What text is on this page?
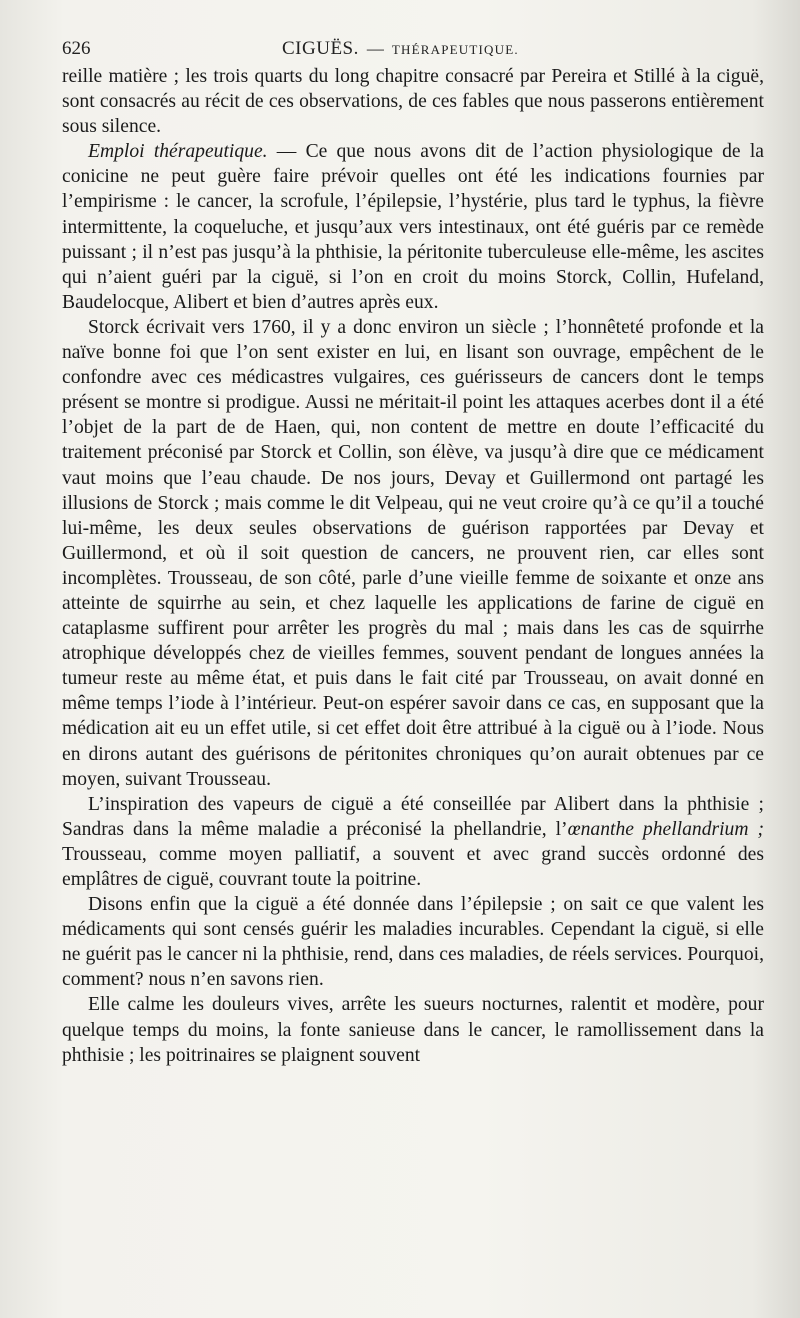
626	CIGUËS. — THÉRAPEUTIQUE.

reille matière ; les trois quarts du long chapitre consacré par Pereira et Stillé à la ciguë, sont consacrés au récit de ces observations, de ces fables que nous passerons entièrement sous silence.

Emploi thérapeutique. — Ce que nous avons dit de l’action physiologique de la conicine ne peut guère faire prévoir quelles ont été les indications fournies par l’empirisme : le cancer, la scrofule, l’épilepsie, l’hystérie, plus tard le typhus, la fièvre intermittente, la coqueluche, et jusqu’aux vers intestinaux, ont été guéris par ce remède puissant ; il n’est pas jusqu’à la phthisie, la péritonite tuberculeuse elle-même, les ascites qui n’aient guéri par la ciguë, si l’on en croit du moins Storck, Collin, Hufeland, Baudelocque, Alibert et bien d’autres après eux.

Storck écrivait vers 1760, il y a donc environ un siècle ; l’honnêteté profonde et la naïve bonne foi que l’on sent exister en lui, en lisant son ouvrage, empêchent de le confondre avec ces médicastres vulgaires, ces guérisseurs de cancers dont le temps présent se montre si prodigue. Aussi ne méritait-il point les attaques acerbes dont il a été l’objet de la part de de Haen, qui, non content de mettre en doute l’efficacité du traitement préconisé par Storck et Collin, son élève, va jusqu’à dire que ce médicament vaut moins que l’eau chaude. De nos jours, Devay et Guillermond ont partagé les illusions de Storck ; mais comme le dit Velpeau, qui ne veut croire qu’à ce qu’il a touché lui-même, les deux seules observations de guérison rapportées par Devay et Guillermond, et où il soit question de cancers, ne prouvent rien, car elles sont incomplètes. Trousseau, de son côté, parle d’une vieille femme de soixante et onze ans atteinte de squirrhe au sein, et chez laquelle les applications de farine de ciguë en cataplasme suffirent pour arrêter les progrès du mal ; mais dans les cas de squirrhe atrophique développés chez de vieilles femmes, souvent pendant de longues années la tumeur reste au même état, et puis dans le fait cité par Trousseau, on avait donné en même temps l’iode à l’intérieur. Peut-on espérer savoir dans ce cas, en supposant que la médication ait eu un effet utile, si cet effet doit être attribué à la ciguë ou à l’iode. Nous en dirons autant des guérisons de péritonites chroniques qu’on aurait obtenues par ce moyen, suivant Trousseau.

L’inspiration des vapeurs de ciguë a été conseillée par Alibert dans la phthisie ; Sandras dans la même maladie a préconisé la phellandrie, l’œnanthe phellandrium ; Trousseau, comme moyen palliatif, a souvent et avec grand succès ordonné des emplâtres de ciguë, couvrant toute la poitrine.

Disons enfin que la ciguë a été donnée dans l’épilepsie ; on sait ce que valent les médicaments qui sont censés guérir les maladies incurables. Cependant la ciguë, si elle ne guérit pas le cancer ni la phthisie, rend, dans ces maladies, de réels services. Pourquoi, comment? nous n’en savons rien.

Elle calme les douleurs vives, arrête les sueurs nocturnes, ralentit et modère, pour quelque temps du moins, la fonte sanieuse dans le cancer, le ramollissement dans la phthisie ; les poitrinaires se plaignent souvent
